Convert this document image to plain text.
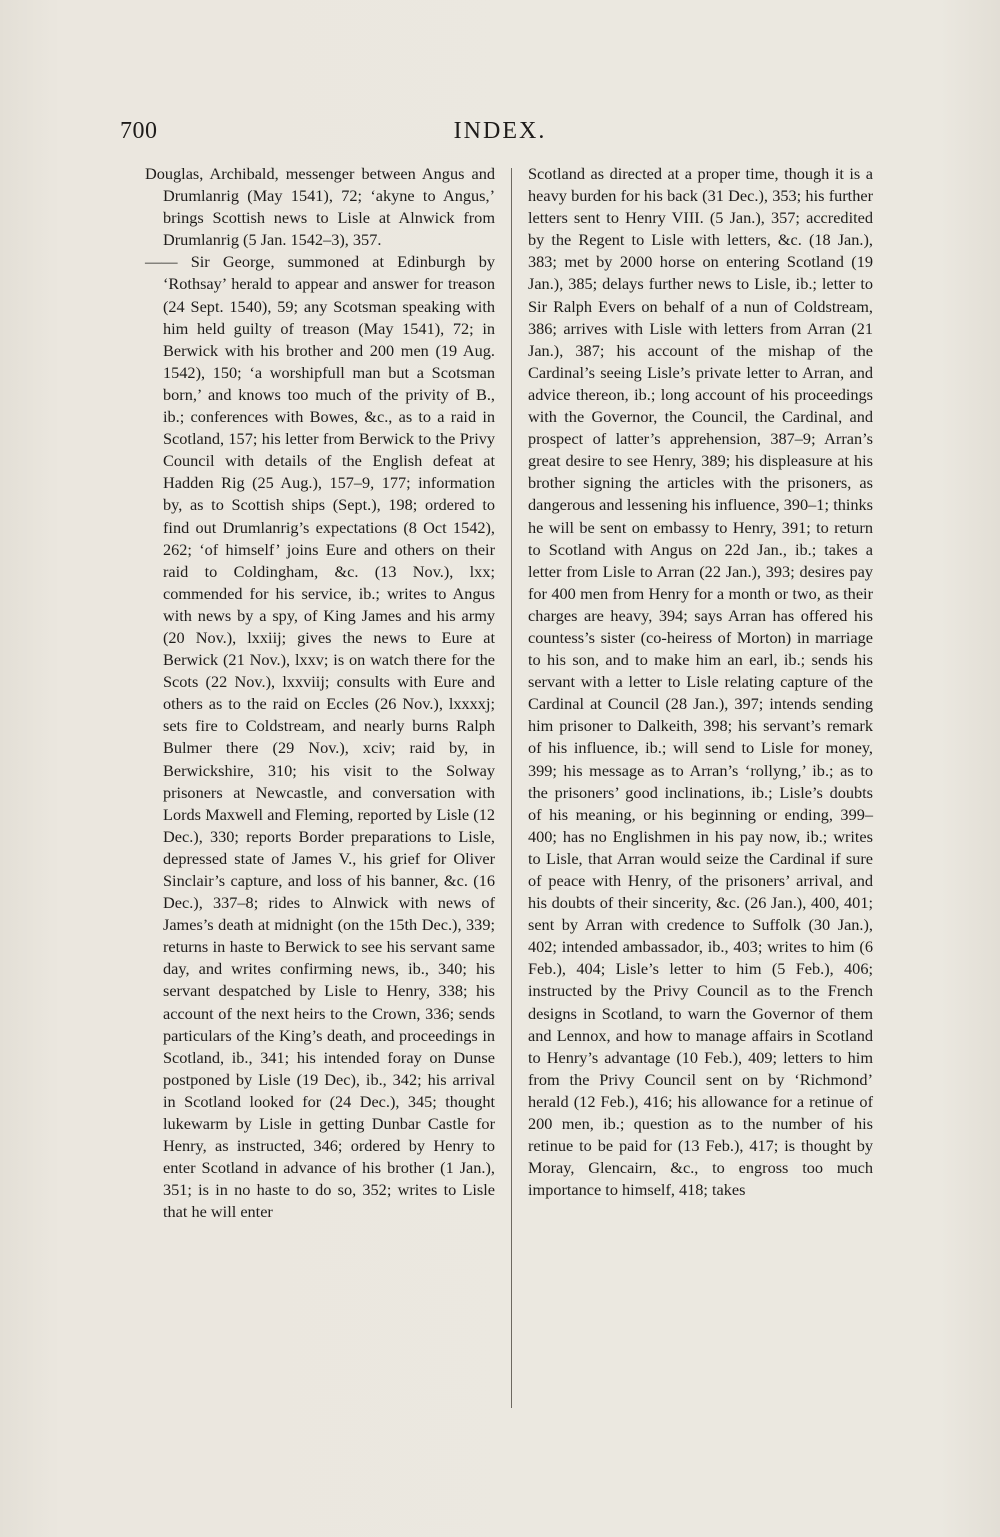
700	INDEX.

Douglas, Archibald, messenger between Angus and Drumlanrig (May 1541), 72; ‘akyne to Angus,’ brings Scottish news to Lisle at Alnwick from Drumlanrig (5 Jan. 1542–3), 357.

—— Sir George, summoned at Edinburgh by ‘Rothsay’ herald to appear and answer for treason (24 Sept. 1540), 59; any Scotsman speaking with him held guilty of treason (May 1541), 72; in Berwick with his brother and 200 men (19 Aug. 1542), 150; ‘a worshipfull man but a Scotsman born,’ and knows too much of the privity of B., ib.; conferences with Bowes, &c., as to a raid in Scotland, 157; his letter from Berwick to the Privy Council with details of the English defeat at Hadden Rig (25 Aug.), 157–9, 177; information by, as to Scottish ships (Sept.), 198; ordered to find out Drumlanrig’s expectations (8 Oct 1542), 262; ‘of himself’ joins Eure and others on their raid to Coldingham, &c. (13 Nov.), lxx; commended for his service, ib.; writes to Angus with news by a spy, of King James and his army (20 Nov.), lxxiij; gives the news to Eure at Berwick (21 Nov.), lxxv; is on watch there for the Scots (22 Nov.), lxxviij; consults with Eure and others as to the raid on Eccles (26 Nov.), lxxxxj; sets fire to Coldstream, and nearly burns Ralph Bulmer there (29 Nov.), xciv; raid by, in Berwickshire, 310; his visit to the Solway prisoners at Newcastle, and conversation with Lords Maxwell and Fleming, reported by Lisle (12 Dec.), 330; reports Border preparations to Lisle, depressed state of James V., his grief for Oliver Sinclair’s capture, and loss of his banner, &c. (16 Dec.), 337–8; rides to Alnwick with news of James’s death at midnight (on the 15th Dec.), 339; returns in haste to Berwick to see his servant same day, and writes confirming news, ib., 340; his servant despatched by Lisle to Henry, 338; his account of the next heirs to the Crown, 336; sends particulars of the King’s death, and proceedings in Scotland, ib., 341; his intended foray on Dunse postponed by Lisle (19 Dec), ib., 342; his arrival in Scotland looked for (24 Dec.), 345; thought lukewarm by Lisle in getting Dunbar Castle for Henry, as instructed, 346; ordered by Henry to enter Scotland in advance of his brother (1 Jan.), 351; is in no haste to do so, 352; writes to Lisle that he will enter

Scotland as directed at a proper time, though it is a heavy burden for his back (31 Dec.), 353; his further letters sent to Henry VIII. (5 Jan.), 357; accredited by the Regent to Lisle with letters, &c. (18 Jan.), 383; met by 2000 horse on entering Scotland (19 Jan.), 385; delays further news to Lisle, ib.; letter to Sir Ralph Evers on behalf of a nun of Coldstream, 386; arrives with Lisle with letters from Arran (21 Jan.), 387; his account of the mishap of the Cardinal’s seeing Lisle’s private letter to Arran, and advice thereon, ib.; long account of his proceedings with the Governor, the Council, the Cardinal, and prospect of latter’s apprehension, 387–9; Arran’s great desire to see Henry, 389; his displeasure at his brother signing the articles with the prisoners, as dangerous and lessening his influence, 390–1; thinks he will be sent on embassy to Henry, 391; to return to Scotland with Angus on 22d Jan., ib.; takes a letter from Lisle to Arran (22 Jan.), 393; desires pay for 400 men from Henry for a month or two, as their charges are heavy, 394; says Arran has offered his countess’s sister (co-heiress of Morton) in marriage to his son, and to make him an earl, ib.; sends his servant with a letter to Lisle relating capture of the Cardinal at Council (28 Jan.), 397; intends sending him prisoner to Dalkeith, 398; his servant’s remark of his influence, ib.; will send to Lisle for money, 399; his message as to Arran’s ‘rollyng,’ ib.; as to the prisoners’ good inclinations, ib.; Lisle’s doubts of his meaning, or his beginning or ending, 399–400; has no Englishmen in his pay now, ib.; writes to Lisle, that Arran would seize the Cardinal if sure of peace with Henry, of the prisoners’ arrival, and his doubts of their sincerity, &c. (26 Jan.), 400, 401; sent by Arran with credence to Suffolk (30 Jan.), 402; intended ambassador, ib., 403; writes to him (6 Feb.), 404; Lisle’s letter to him (5 Feb.), 406; instructed by the Privy Council as to the French designs in Scotland, to warn the Governor of them and Lennox, and how to manage affairs in Scotland to Henry’s advantage (10 Feb.), 409; letters to him from the Privy Council sent on by ‘Richmond’ herald (12 Feb.), 416; his allowance for a retinue of 200 men, ib.; question as to the number of his retinue to be paid for (13 Feb.), 417; is thought by Moray, Glencairn, &c., to engross too much importance to himself, 418; takes
